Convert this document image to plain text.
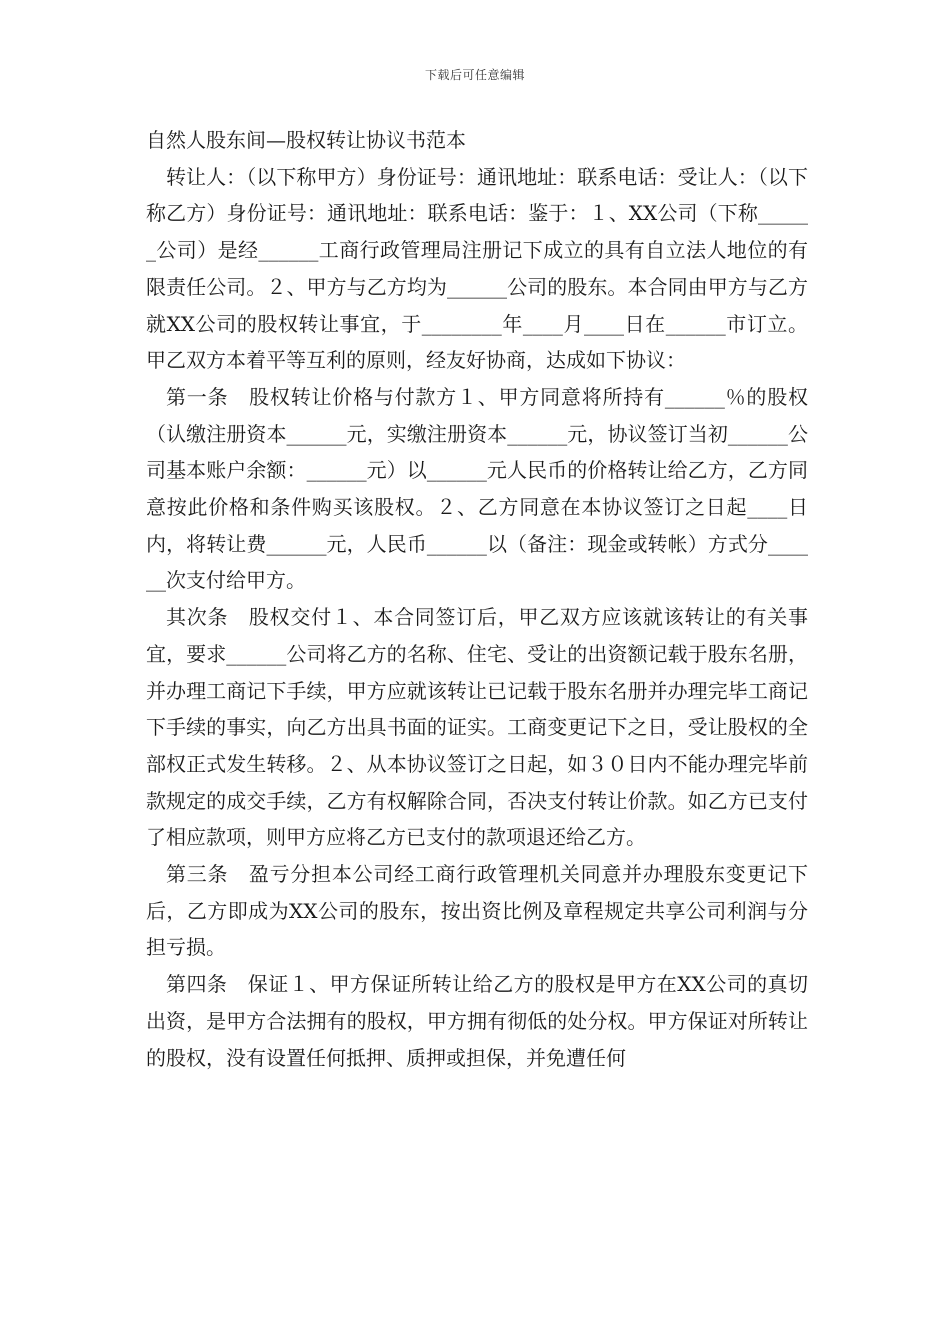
下载后可任意编辑
自然人股东间—股权转让协议书范本

转让人：（以下称甲方）身份证号：通讯地址：联系电话：受让人：（以下称乙方）身份证号：通讯地址：联系电话：鉴于：１、XX公司（下称______公司）是经______工商行政管理局注册记下成立的具有自立法人地位的有限责任公司。２、甲方与乙方均为______公司的股东。本合同由甲方与乙方就XX公司的股权转让事宜，于________年____月____日在______市订立。甲乙双方本着平等互利的原则，经友好协商，达成如下协议：

第一条　股权转让价格与付款方１、甲方同意将所持有______％的股权（认缴注册资本______元，实缴注册资本______元，协议签订当初______公司基本账户余额：______元）以______元人民币的价格转让给乙方，乙方同意按此价格和条件购买该股权。２、乙方同意在本协议签订之日起____日内，将转让费______元，人民币______以（备注：现金或转帐）方式分______次支付给甲方。

其次条　股权交付１、本合同签订后，甲乙双方应该就该转让的有关事宜，要求______公司将乙方的名称、住宅、受让的出资额记载于股东名册，并办理工商记下手续，甲方应就该转让已记载于股东名册并办理完毕工商记下手续的事实，向乙方出具书面的证实。工商变更记下之日，受让股权的全部权正式发生转移。２、从本协议签订之日起，如３０日内不能办理完毕前款规定的成交手续，乙方有权解除合同，否决支付转让价款。如乙方已支付了相应款项，则甲方应将乙方已支付的款项退还给乙方。

第三条　盈亏分担本公司经工商行政管理机关同意并办理股东变更记下后，乙方即成为XX公司的股东，按出资比例及章程规定共享公司利润与分担亏损。

第四条　保证１、甲方保证所转让给乙方的股权是甲方在XX公司的真切出资，是甲方合法拥有的股权，甲方拥有彻低的处分权。甲方保证对所转让的股权，没有设置任何抵押、质押或担保，并免遭任何
